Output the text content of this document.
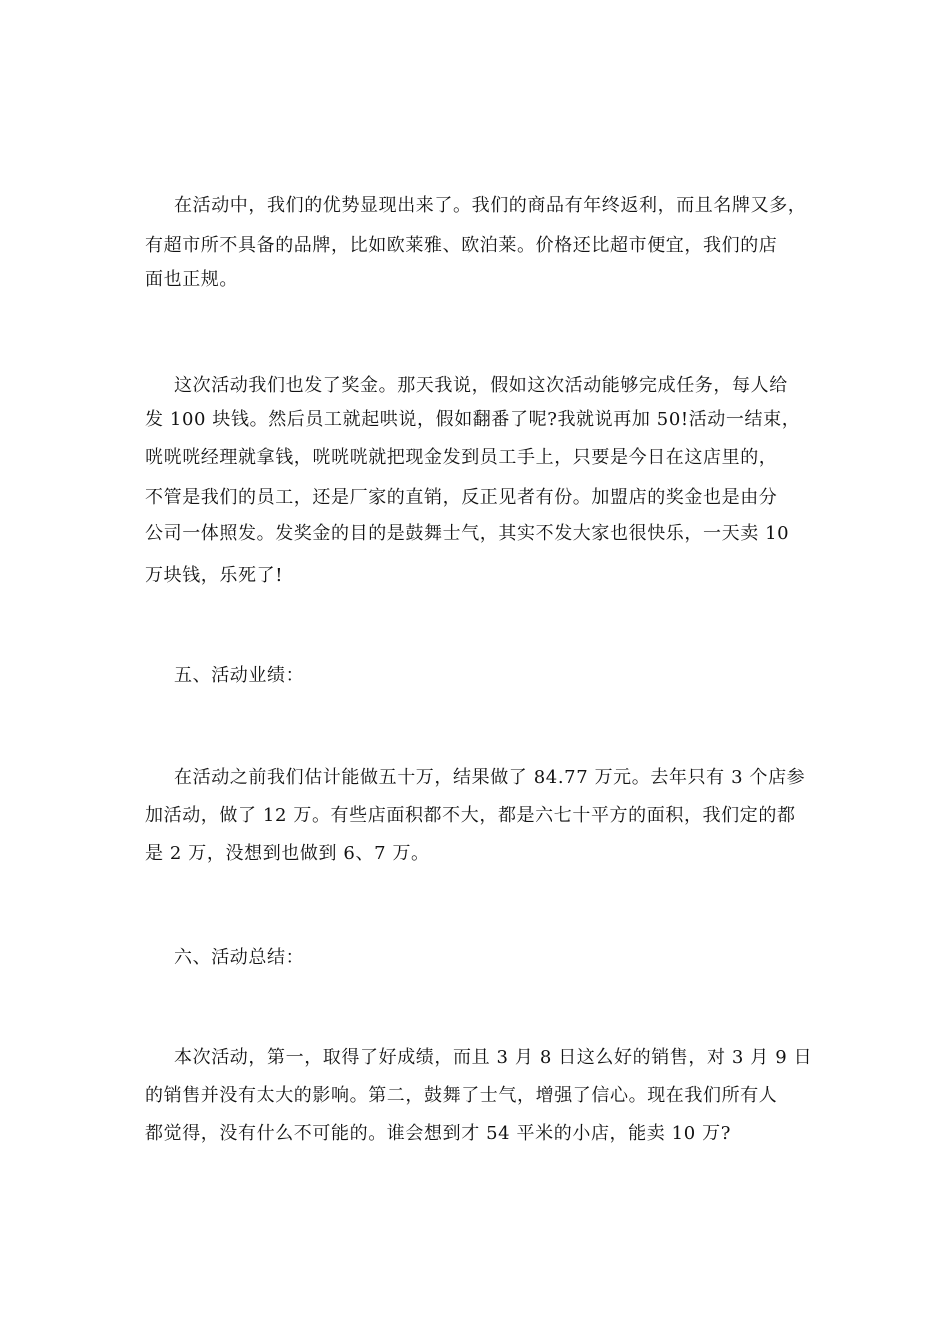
在活动中，我们的优势显现出来了。我们的商品有年终返利，而且名牌又多，
有超市所不具备的品牌，比如欧莱雅、欧泊莱。价格还比超市便宜，我们的店
面也正规。
这次活动我们也发了奖金。那天我说，假如这次活动能够完成任务，每人给
发 100 块钱。然后员工就起哄说，假如翻番了呢?我就说再加 50!活动一结束，
咣咣咣经理就拿钱，咣咣咣就把现金发到员工手上，只要是今日在这店里的，
不管是我们的员工，还是厂家的直销，反正见者有份。加盟店的奖金也是由分
公司一体照发。发奖金的目的是鼓舞士气，其实不发大家也很快乐，一天卖 10
万块钱，乐死了!
五、活动业绩：
在活动之前我们估计能做五十万，结果做了 84.77 万元。去年只有 3 个店参
加活动，做了 12 万。有些店面积都不大，都是六七十平方的面积，我们定的都
是 2 万，没想到也做到 6、7 万。
六、活动总结：
本次活动，第一，取得了好成绩，而且 3 月 8 日这么好的销售，对 3 月 9 日
的销售并没有太大的影响。第二，鼓舞了士气，增强了信心。现在我们所有人
都觉得，没有什么不可能的。谁会想到才 54 平米的小店，能卖 10 万?
